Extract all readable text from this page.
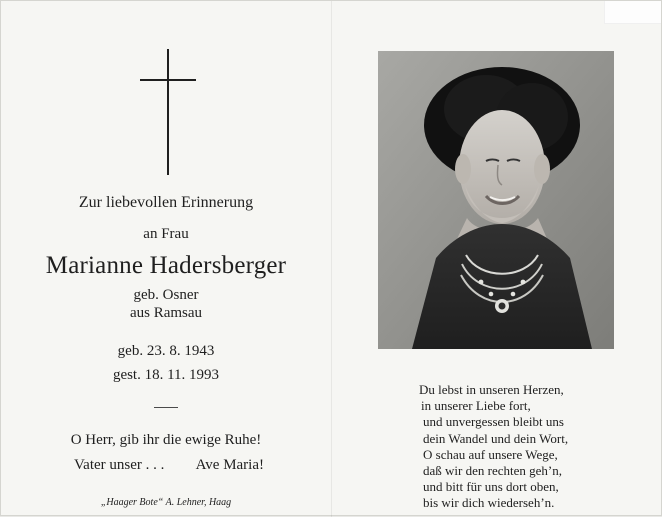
Zur liebevollen Erinnerung
an Frau
Marianne Hadersberger
geb. Osner
aus Ramsau
geb. 23. 8. 1943
gest. 18. 11. 1993
O Herr, gib ihr die ewige Ruhe!
Vater unser . . . Ave Maria!
„Haager Bote“ A. Lehner, Haag
Du lebst in unseren Herzen,
in unserer Liebe fort,
und unvergessen bleibt uns
dein Wandel und dein Wort,
O schau auf unsere Wege,
daß wir den rechten geh’n,
und bitt für uns dort oben,
bis wir dich wiederseh’n.
